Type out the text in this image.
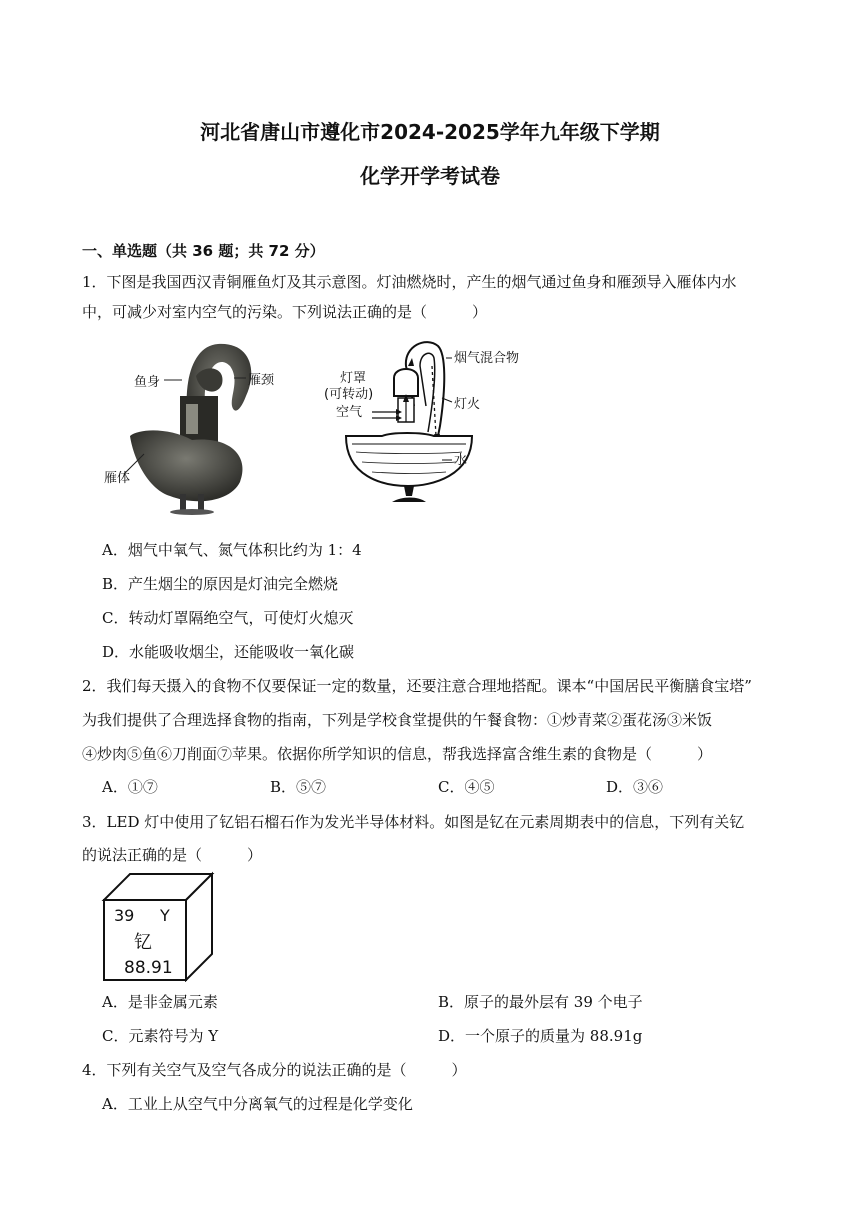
河北省唐山市遵化市2024-2025学年九年级下学期
化学开学考试卷
一、单选题（共 36 题；共 72 分）
1．下图是我国西汉青铜雁鱼灯及其示意图。灯油燃烧时，产生的烟气通过鱼身和雁颈导入雁体内水
中，可减少对室内空气的污染。下列说法正确的是（　　　）
鱼身	雁颈
雁体
烟气混合物
灯罩
(可转动)
空气
灯火
水
A．烟气中氧气、氮气体积比约为 1：4
B．产生烟尘的原因是灯油完全燃烧
C．转动灯罩隔绝空气，可使灯火熄灭
D．水能吸收烟尘，还能吸收一氧化碳
2．我们每天摄入的食物不仅要保证一定的数量，还要注意合理地搭配。课本“中国居民平衡膳食宝塔”
为我们提供了合理选择食物的指南，下列是学校食堂提供的午餐食物：①炒青菜②蛋花汤③米饭
④炒肉⑤鱼⑥刀削面⑦苹果。依据你所学知识的信息，帮我选择富含维生素的食物是（　　　）
A．①⑦	B．⑤⑦	C．④⑤	D．③⑥
3．LED 灯中使用了钇铝石榴石作为发光半导体材料。如图是钇在元素周期表中的信息，下列有关钇
的说法正确的是（　　　）
39 Y
钇
88.91
A．是非金属元素	B．原子的最外层有 39 个电子
C．元素符号为 Y	D．一个原子的质量为 88.91g
4．下列有关空气及空气各成分的说法正确的是（　　　）
A．工业上从空气中分离氧气的过程是化学变化
